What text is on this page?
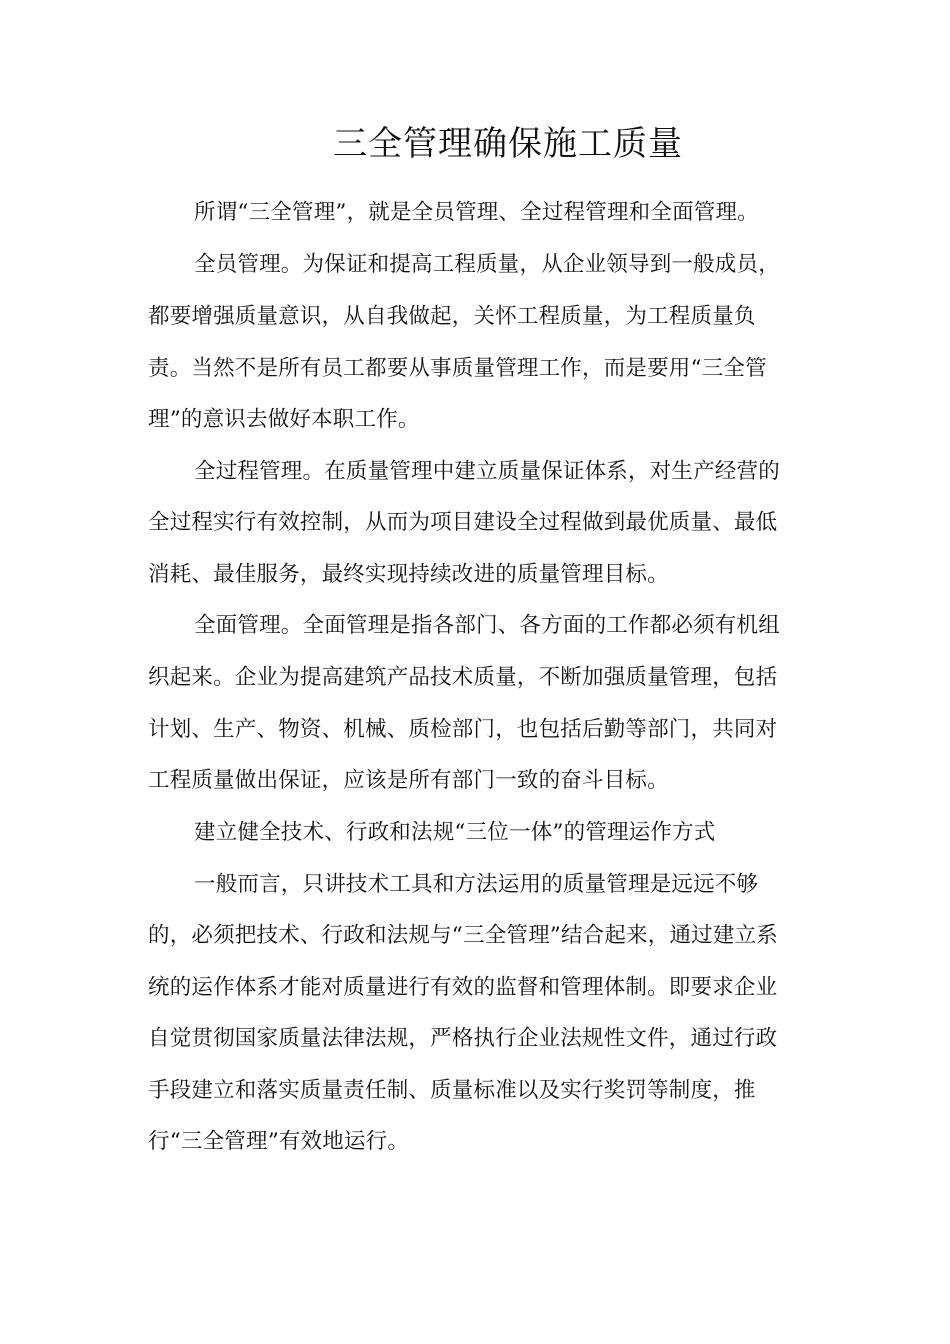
三全管理确保施工质量
所谓“三全管理”，就是全员管理、全过程管理和全面管理。
全员管理。为保证和提高工程质量，从企业领导到一般成员，
都要增强质量意识，从自我做起，关怀工程质量，为工程质量负
责。当然不是所有员工都要从事质量管理工作，而是要用“三全管
理”的意识去做好本职工作。
全过程管理。在质量管理中建立质量保证体系，对生产经营的
全过程实行有效控制，从而为项目建设全过程做到最优质量、最低
消耗、最佳服务，最终实现持续改进的质量管理目标。
全面管理。全面管理是指各部门、各方面的工作都必须有机组
织起来。企业为提高建筑产品技术质量，不断加强质量管理，包括
计划、生产、物资、机械、质检部门，也包括后勤等部门，共同对
工程质量做出保证，应该是所有部门一致的奋斗目标。
建立健全技术、行政和法规“三位一体”的管理运作方式
一般而言，只讲技术工具和方法运用的质量管理是远远不够
的，必须把技术、行政和法规与“三全管理”结合起来，通过建立系
统的运作体系才能对质量进行有效的监督和管理体制。即要求企业
自觉贯彻国家质量法律法规，严格执行企业法规性文件，通过行政
手段建立和落实质量责任制、质量标准以及实行奖罚等制度，推
行“三全管理”有效地运行。
